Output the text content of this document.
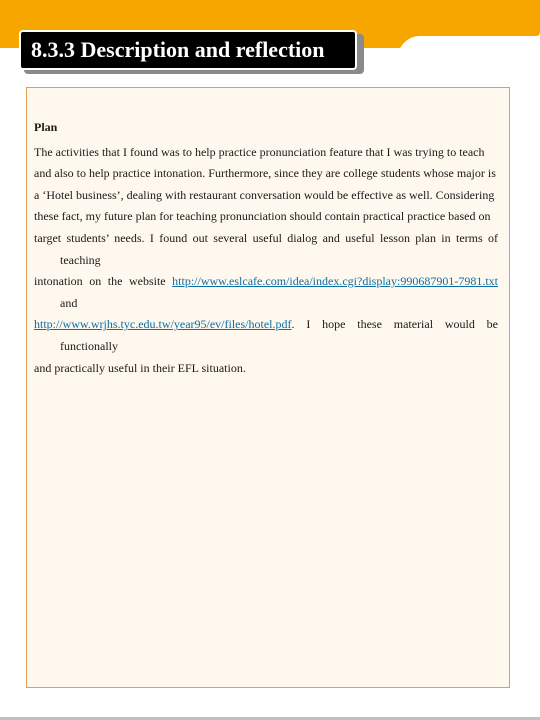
8.3.3 Description and reflection
Plan
The activities that I found was to help practice pronunciation feature that I was trying to teach
and also to help practice intonation. Furthermore, since they are college students whose major is
a ‘Hotel business’, dealing with restaurant conversation would be effective as well. Considering
these fact, my future plan for teaching pronunciation should contain practical practice based on
target students’ needs. I found out several useful dialog and useful lesson plan in terms of
teaching
intonation on the website http://www.eslcafe.com/idea/index.cgi?display:990687901-7981.txt
and
http://www.wrjhs.tyc.edu.tw/year95/ev/files/hotel.pdf. I hope these material would be
functionally
and practically useful in their EFL situation.
